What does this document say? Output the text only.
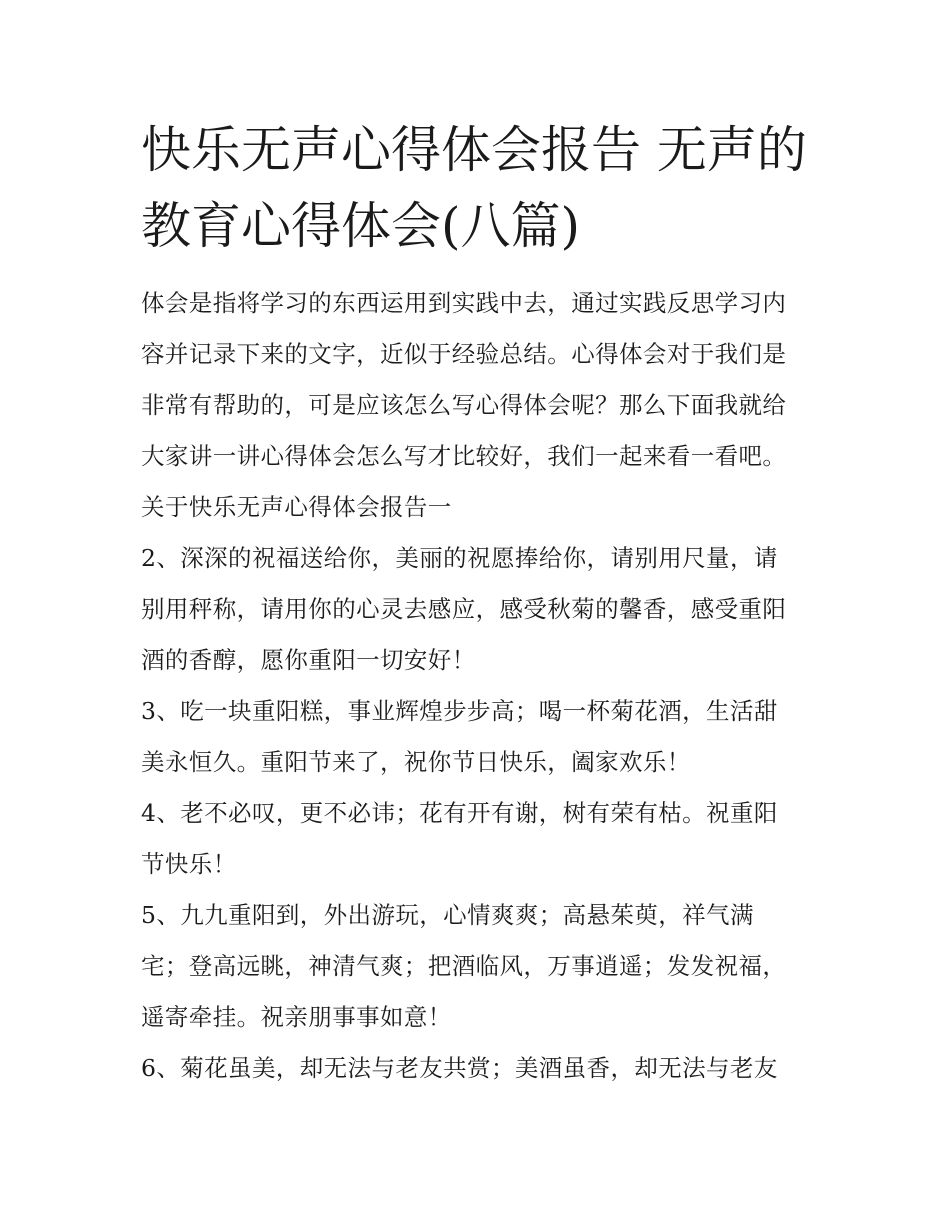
快乐无声心得体会报告 无声的
教育心得体会(八篇)
体会是指将学习的东西运用到实践中去，通过实践反思学习内
容并记录下来的文字，近似于经验总结。心得体会对于我们是
非常有帮助的，可是应该怎么写心得体会呢？那么下面我就给
大家讲一讲心得体会怎么写才比较好，我们一起来看一看吧。
关于快乐无声心得体会报告一
2、深深的祝福送给你，美丽的祝愿捧给你，请别用尺量，请
别用秤称，请用你的心灵去感应，感受秋菊的馨香，感受重阳
酒的香醇，愿你重阳一切安好！
3、吃一块重阳糕，事业辉煌步步高；喝一杯菊花酒，生活甜
美永恒久。重阳节来了，祝你节日快乐，阖家欢乐！
4、老不必叹，更不必讳；花有开有谢，树有荣有枯。祝重阳
节快乐！
5、九九重阳到，外出游玩，心情爽爽；高悬茱萸，祥气满
宅；登高远眺，神清气爽；把酒临风，万事逍遥；发发祝福，
遥寄牵挂。祝亲朋事事如意！
6、菊花虽美，却无法与老友共赏；美酒虽香，却无法与老友
